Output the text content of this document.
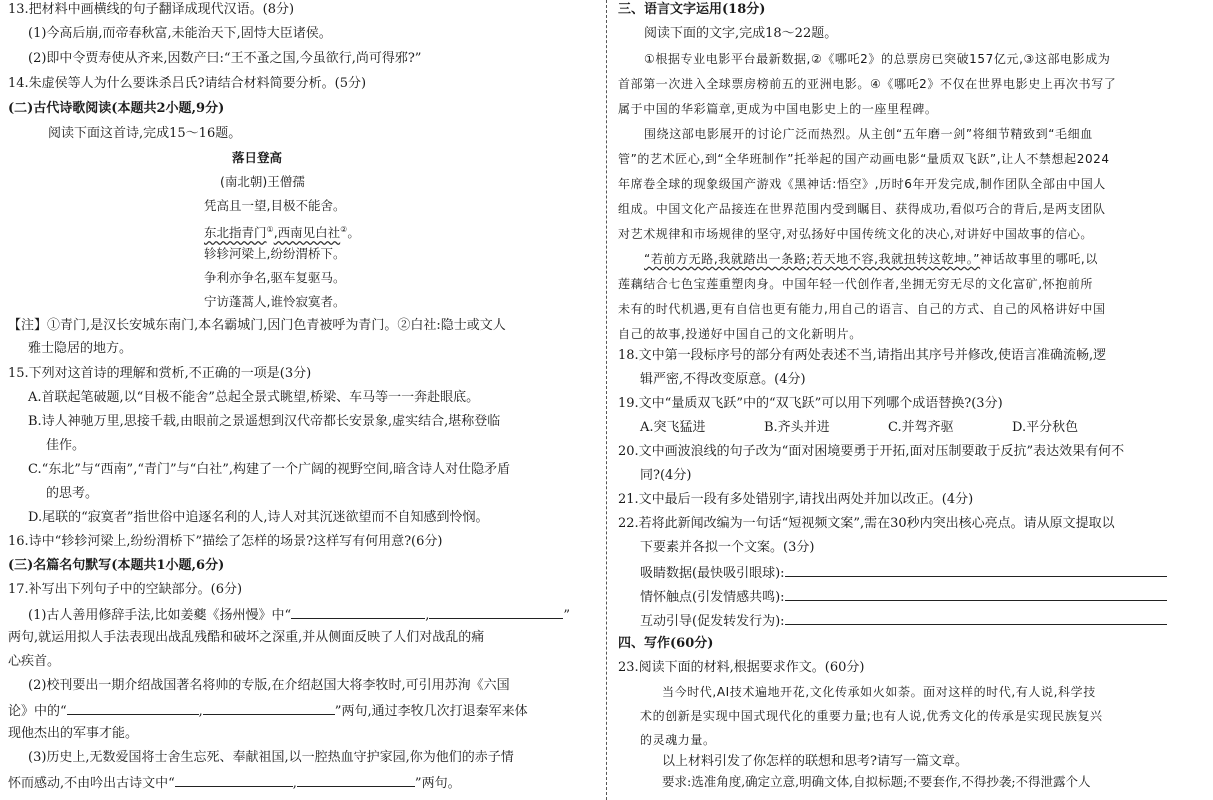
13.把材料中画横线的句子翻译成现代汉语。(8分)
(1)今高后崩,而帝春秋富,未能治天下,固恃大臣诸侯。
(2)即中令贾寿使从齐来,因数产曰:“王不蚤之国,今虽欲行,尚可得邪?”
14.朱虚侯等人为什么要诛杀吕氏?请结合材料简要分析。(5分)
(二)古代诗歌阅读(本题共2小题,9分)
阅读下面这首诗,完成15～16题。
落日登高
(南北朝)王僧孺
凭高且一望,目极不能舍。
东北指青门①,西南见白社②。
轸轸河梁上,纷纷渭桥下。
争利亦争名,驱车复驱马。
宁访蓬蒿人,谁怜寂寞者。
【注】①青门,是汉长安城东南门,本名霸城门,因门色青被呼为青门。②白社:隐士或文人
雅士隐居的地方。
15.下列对这首诗的理解和赏析,不正确的一项是(3分)
A.首联起笔破题,以“目极不能舍”总起全景式眺望,桥梁、车马等一一奔赴眼底。
B.诗人神驰万里,思接千载,由眼前之景遥想到汉代帝都长安景象,虚实结合,堪称登临
佳作。
C.“东北”与“西南”,“青门”与“白社”,构建了一个广阔的视野空间,暗含诗人对仕隐矛盾
的思考。
D.尾联的“寂寞者”指世俗中追逐名利的人,诗人对其沉迷欲望而不自知感到怜悯。
16.诗中“轸轸河梁上,纷纷渭桥下”描绘了怎样的场景?这样写有何用意?(6分)
(三)名篇名句默写(本题共1小题,6分)
17.补写出下列句子中的空缺部分。(6分)
(1)古人善用修辞手法,比如姜夔《扬州慢》中“	,	”
两句,就运用拟人手法表现出战乱残酷和破坏之深重,并从侧面反映了人们对战乱的痛
心疾首。
(2)校刊要出一期介绍战国著名将帅的专版,在介绍赵国大将李牧时,可引用苏洵《六国
论》中的“	,	”两句,通过李牧几次打退秦军来体
现他杰出的军事才能。
(3)历史上,无数爱国将士舍生忘死、奉献祖国,以一腔热血守护家园,你为他们的赤子情
怀而感动,不由吟出古诗文中“	,	”两句。
三、语言文字运用(18分)
阅读下面的文字,完成18～22题。
①根据专业电影平台最新数据,②《哪吒2》的总票房已突破157亿元,③这部电影成为
首部第一次进入全球票房榜前五的亚洲电影。④《哪吒2》不仅在世界电影史上再次书写了
属于中国的华彩篇章,更成为中国电影史上的一座里程碑。
围绕这部电影展开的讨论广泛而热烈。从主创“五年磨一剑”将细节精致到“毛细血
管”的艺术匠心,到“全华班制作”托举起的国产动画电影“量质双飞跃”,让人不禁想起2024
年席卷全球的现象级国产游戏《黑神话:悟空》,历时6年开发完成,制作团队全部由中国人
组成。中国文化产品接连在世界范围内受到瞩目、获得成功,看似巧合的背后,是两支团队
对艺术规律和市场规律的坚守,对弘扬好中国传统文化的决心,对讲好中国故事的信心。
“若前方无路,我就踏出一条路;若天地不容,我就扭转这乾坤。”神话故事里的哪吒,以
莲藕结合七色宝莲重塑肉身。中国年轻一代创作者,坐拥无穷无尽的文化富矿,怀抱前所
未有的时代机遇,更有自信也更有能力,用自己的语言、自己的方式、自己的风格讲好中国
自己的故事,投递好中国自己的文化新明片。
18.文中第一段标序号的部分有两处表述不当,请指出其序号并修改,使语言准确流畅,逻
辑严密,不得改变原意。(4分)
19.文中“量质双飞跃”中的“双飞跃”可以用下列哪个成语替换?(3分)
A.突飞猛进	B.齐头并进	C.并驾齐驱	D.平分秋色
20.文中画波浪线的句子改为“面对困境要勇于开拓,面对压制要敢于反抗”表达效果有何不
同?(4分)
21.文中最后一段有多处错别字,请找出两处并加以改正。(4分)
22.若将此新闻改编为一句话“短视频文案”,需在30秒内突出核心亮点。请从原文提取以
下要素并各拟一个文案。(3分)
吸睛数据(最快吸引眼球):
情怀触点(引发情感共鸣):
互动引导(促发转发行为):
四、写作(60分)
23.阅读下面的材料,根据要求作文。(60分)
当今时代,AI技术遍地开花,文化传承如火如荼。面对这样的时代,有人说,科学技
术的创新是实现中国式现代化的重要力量;也有人说,优秀文化的传承是实现民族复兴
的灵魂力量。
以上材料引发了你怎样的联想和思考?请写一篇文章。
要求:选准角度,确定立意,明确文体,自拟标题;不要套作,不得抄袭;不得泄露个人
